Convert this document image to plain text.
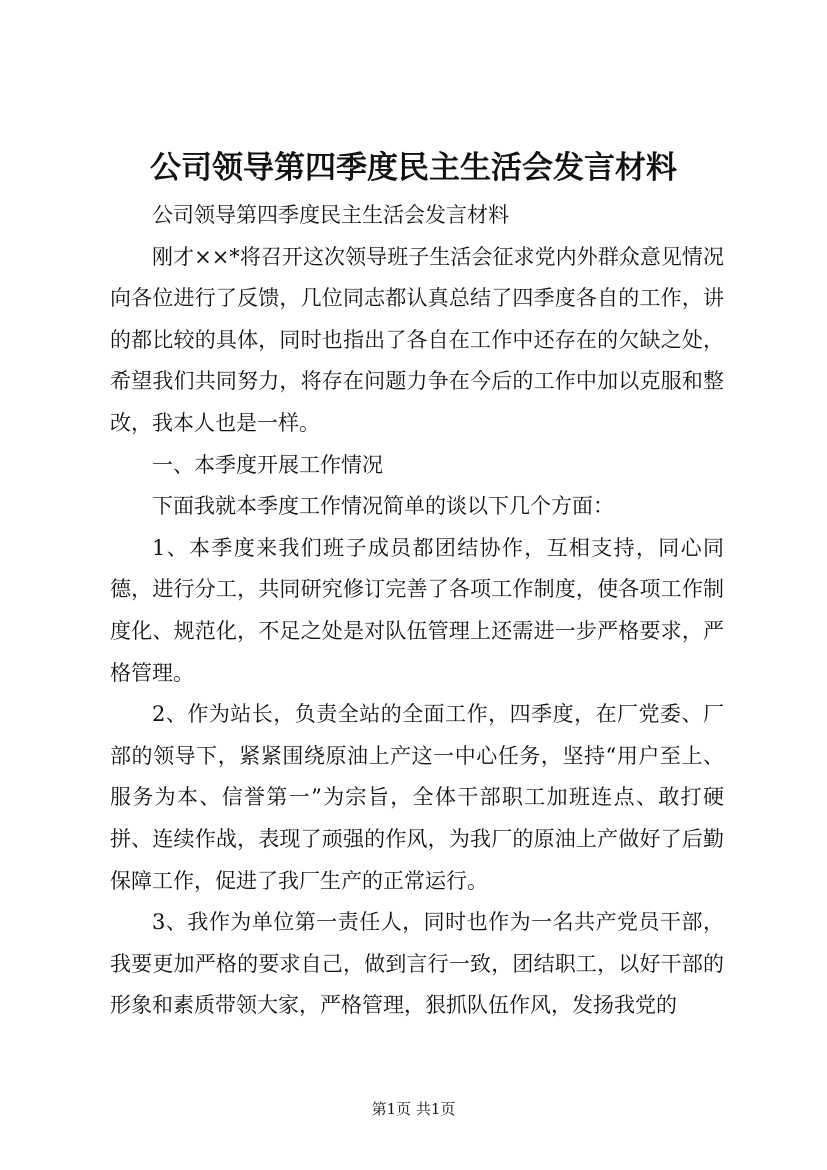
公司领导第四季度民主生活会发言材料

公司领导第四季度民主生活会发言材料

刚才××*将召开这次领导班子生活会征求党内外群众意见情况向各位进行了反馈，几位同志都认真总结了四季度各自的工作，讲的都比较的具体，同时也指出了各自在工作中还存在的欠缺之处，希望我们共同努力，将存在问题力争在今后的工作中加以克服和整改，我本人也是一样。

一、本季度开展工作情况

下面我就本季度工作情况简单的谈以下几个方面：

1、本季度来我们班子成员都团结协作，互相支持，同心同德，进行分工，共同研究修订完善了各项工作制度，使各项工作制度化、规范化，不足之处是对队伍管理上还需进一步严格要求，严格管理。

2、作为站长，负责全站的全面工作，四季度，在厂党委、厂部的领导下，紧紧围绕原油上产这一中心任务，坚持“用户至上、服务为本、信誉第一”为宗旨，全体干部职工加班连点、敢打硬拼、连续作战，表现了顽强的作风，为我厂的原油上产做好了后勤保障工作，促进了我厂生产的正常运行。

3、我作为单位第一责任人，同时也作为一名共产党员干部，我要更加严格的要求自己，做到言行一致，团结职工，以好干部的形象和素质带领大家，严格管理，狠抓队伍作风，发扬我党的

第1页 共1页
